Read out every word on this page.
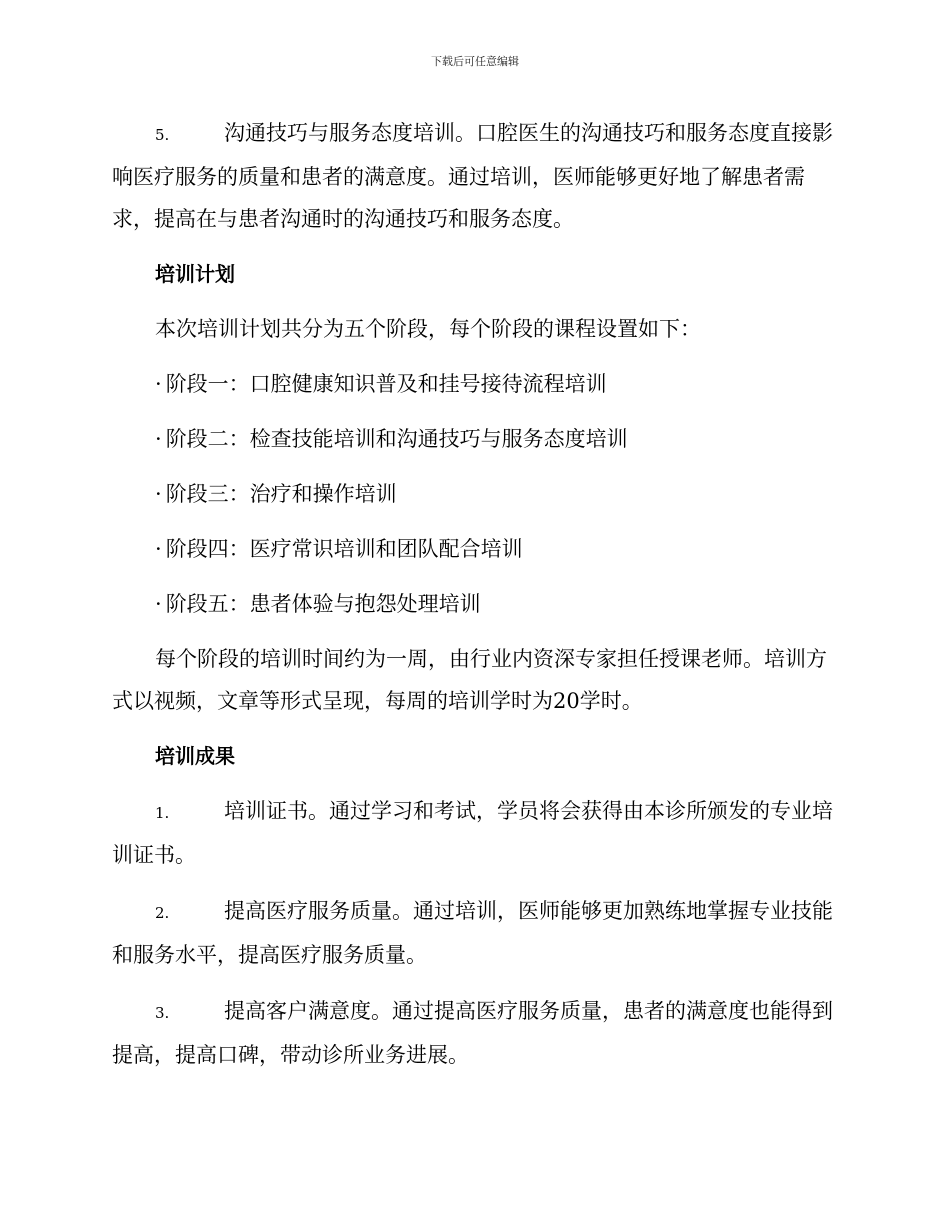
下载后可任意编辑

5.	沟通技巧与服务态度培训。口腔医生的沟通技巧和服务态度直接影响医疗服务的质量和患者的满意度。通过培训，医师能够更好地了解患者需求，提高在与患者沟通时的沟通技巧和服务态度。

培训计划

本次培训计划共分为五个阶段，每个阶段的课程设置如下：

· 阶段一：口腔健康知识普及和挂号接待流程培训

· 阶段二：检查技能培训和沟通技巧与服务态度培训

· 阶段三：治疗和操作培训

· 阶段四：医疗常识培训和团队配合培训

· 阶段五：患者体验与抱怨处理培训

每个阶段的培训时间约为一周，由行业内资深专家担任授课老师。培训方式以视频，文章等形式呈现，每周的培训学时为20学时。

培训成果

1.	培训证书。通过学习和考试，学员将会获得由本诊所颁发的专业培训证书。

2.	提高医疗服务质量。通过培训，医师能够更加熟练地掌握专业技能和服务水平，提高医疗服务质量。

3.	提高客户满意度。通过提高医疗服务质量，患者的满意度也能得到提高，提高口碑，带动诊所业务进展。
